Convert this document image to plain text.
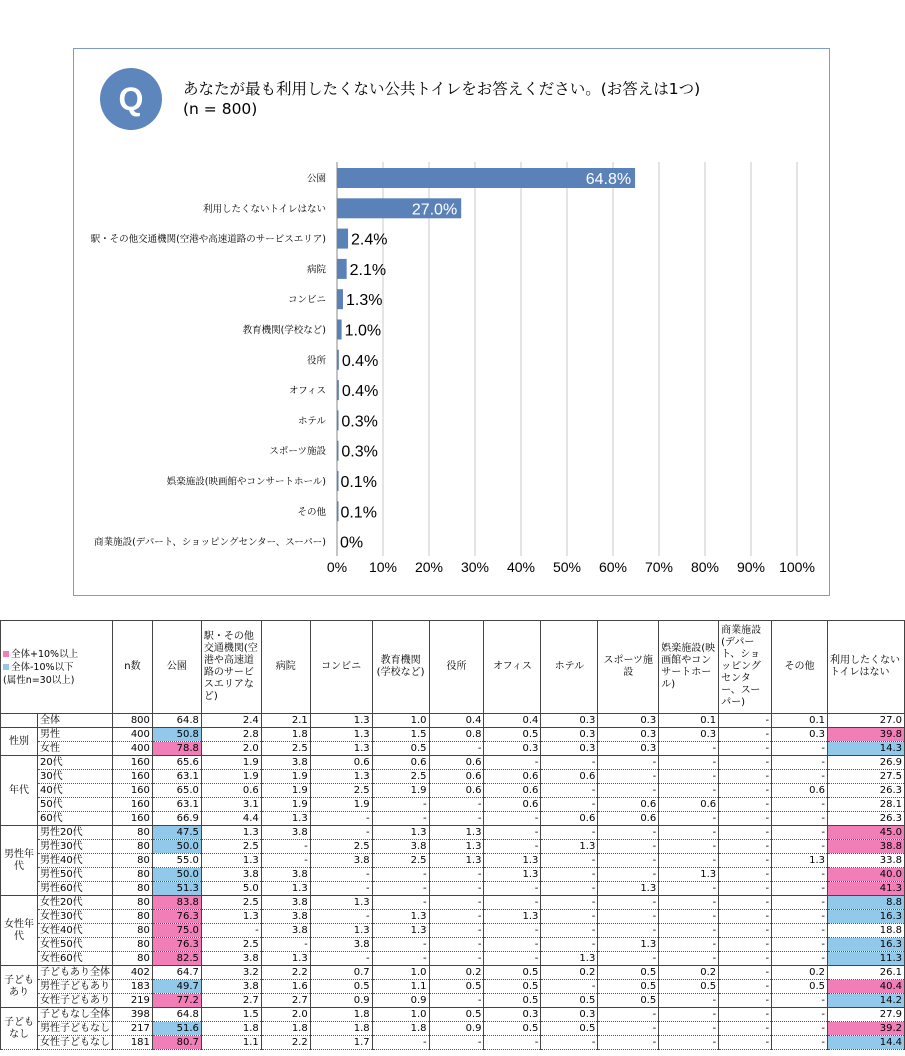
Q	あなたが最も利用したくない公共トイレをお答えください。(お答えは1つ)
(n = 800)
0% 10% 20% 30% 40% 50% 60% 70% 80% 90% 100%
公園	64.8%
利用したくないトイレはない	27.0%
駅・その他交通機関(空港や高速道路のサービスエリア) 2.4%
病院 2.1%
コンビニ 1.3%
教育機関(学校など) 1.0%
役所 0.4%
オフィス 0.4%
ホテル 0.3%
スポーツ施設 0.3%
娯楽施設(映画館やコンサートホール) 0.1%
その他 0.1%
商業施設(デパート、ショッピングセンター、スーパー) 0%
全体+10%以上
全体-10%以下
(属性n=30以上)		n数	公園	駅・その他交通機関(空港や高速道路のサービスエリアなど)	病院	コンビニ	教育機関(学校など)	役所	オフィス	ホテル	スポーツ施設	娯楽施設(映画館やコンサートホール)	商業施設(デパート、ショッピングセンター、スーパー)	その他	利用したくないトイレはない
	全体	800	64.8	2.4	2.1	1.3	1.0	0.4	0.4	0.3	0.3	0.1	-	0.1	27.0
性別	男性	400	50.8	2.8	1.8	1.3	1.5	0.8	0.5	0.3	0.3	0.3	-	0.3	39.8
	女性	400	78.8	2.0	2.5	1.3	0.5	-	0.3	0.3	0.3	-	-	-	14.3
年代	20代	160	65.6	1.9	3.8	0.6	0.6	0.6	-	-	-	-	-	-	26.9
	30代	160	63.1	1.9	1.9	1.3	2.5	0.6	0.6	0.6	-	-	-	-	27.5
	40代	160	65.0	0.6	1.9	2.5	1.9	0.6	0.6	-	-	-	-	0.6	26.3
	50代	160	63.1	3.1	1.9	1.9	-	-	0.6	-	0.6	0.6	-	-	28.1
	60代	160	66.9	4.4	1.3	-	-	-	-	0.6	0.6	-	-	-	26.3
男性年代	男性20代	80	47.5	1.3	3.8	-	1.3	1.3	-	-	-	-	-	-	45.0
	男性30代	80	50.0	2.5	-	2.5	3.8	1.3	-	1.3	-	-	-	-	38.8
	男性40代	80	55.0	1.3	-	3.8	2.5	1.3	1.3	-	-	-	-	1.3	33.8
	男性50代	80	50.0	3.8	3.8	-	-	-	1.3	-	-	1.3	-	-	40.0
	男性60代	80	51.3	5.0	1.3	-	-	-	-	-	1.3	-	-	-	41.3
女性年代	女性20代	80	83.8	2.5	3.8	1.3	-	-	-	-	-	-	-	-	8.8
	女性30代	80	76.3	1.3	3.8	-	1.3	-	1.3	-	-	-	-	-	16.3
	女性40代	80	75.0	-	3.8	1.3	1.3	-	-	-	-	-	-	-	18.8
	女性50代	80	76.3	2.5	-	3.8	-	-	-	-	1.3	-	-	-	16.3
	女性60代	80	82.5	3.8	1.3	-	-	-	-	1.3	-	-	-	-	11.3
子どもあり	子どもあり全体	402	64.7	3.2	2.2	0.7	1.0	0.2	0.5	0.2	0.5	0.2	-	0.2	26.1
	男性子どもあり	183	49.7	3.8	1.6	0.5	1.1	0.5	0.5	-	0.5	0.5	-	0.5	40.4
	女性子どもあり	219	77.2	2.7	2.7	0.9	0.9	-	0.5	0.5	0.5	-	-	-	14.2
子どもなし	子どもなし全体	398	64.8	1.5	2.0	1.8	1.0	0.5	0.3	0.3	-	-	-	-	27.9
	男性子どもなし	217	51.6	1.8	1.8	1.8	1.8	0.9	0.5	0.5	-	-	-	-	39.2
	女性子どもなし	181	80.7	1.1	2.2	1.7	-	-	-	-	-	-	-	-	14.4
